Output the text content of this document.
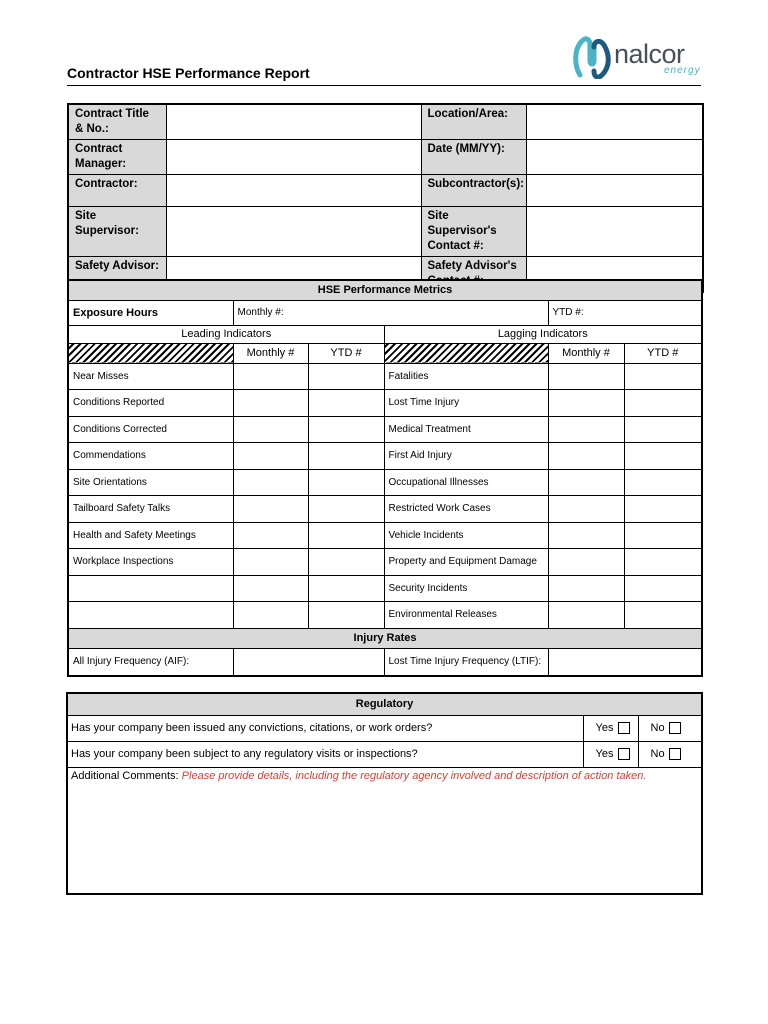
Contractor HSE Performance Report
nalcor
energy
Contract Title & No.:		Location/Area:	
Contract Manager:		Date (MM/YY):	
Contractor:		Subcontractor(s):	
Site Supervisor:		Site Supervisor's Contact #:	
Safety Advisor:		Safety Advisor's	
HSE Performance Metrics					
Exposure Hours	Monthly #:			YTD #:	
Leading Indicators			Lagging Indicators		
	Monthly #	YTD #		Monthly #	YTD #
Near Misses			Fatalities		
Conditions Reported			Lost Time Injury		
Conditions Corrected			Medical Treatment		
Commendations			First Aid Injury		
Site Orientations			Occupational Illnesses		
Tailboard Safety Talks			Restricted Work Cases		
Health and Safety Meetings			Vehicle Incidents		
Workplace Inspections			Property and Equipment Damage		
			Security Incidents		
			Environmental Releases		
Injury Rates					
All Injury Frequency (AIF):			Lost Time Injury Frequency (LTIF):		
Regulatory		
Has your company been issued any convictions, citations, or work orders?	Yes	No
Has your company been subject to any regulatory visits or inspections?	Yes	No
Additional Comments: Please provide details, including the regulatory agency involved and description of action taken.		
